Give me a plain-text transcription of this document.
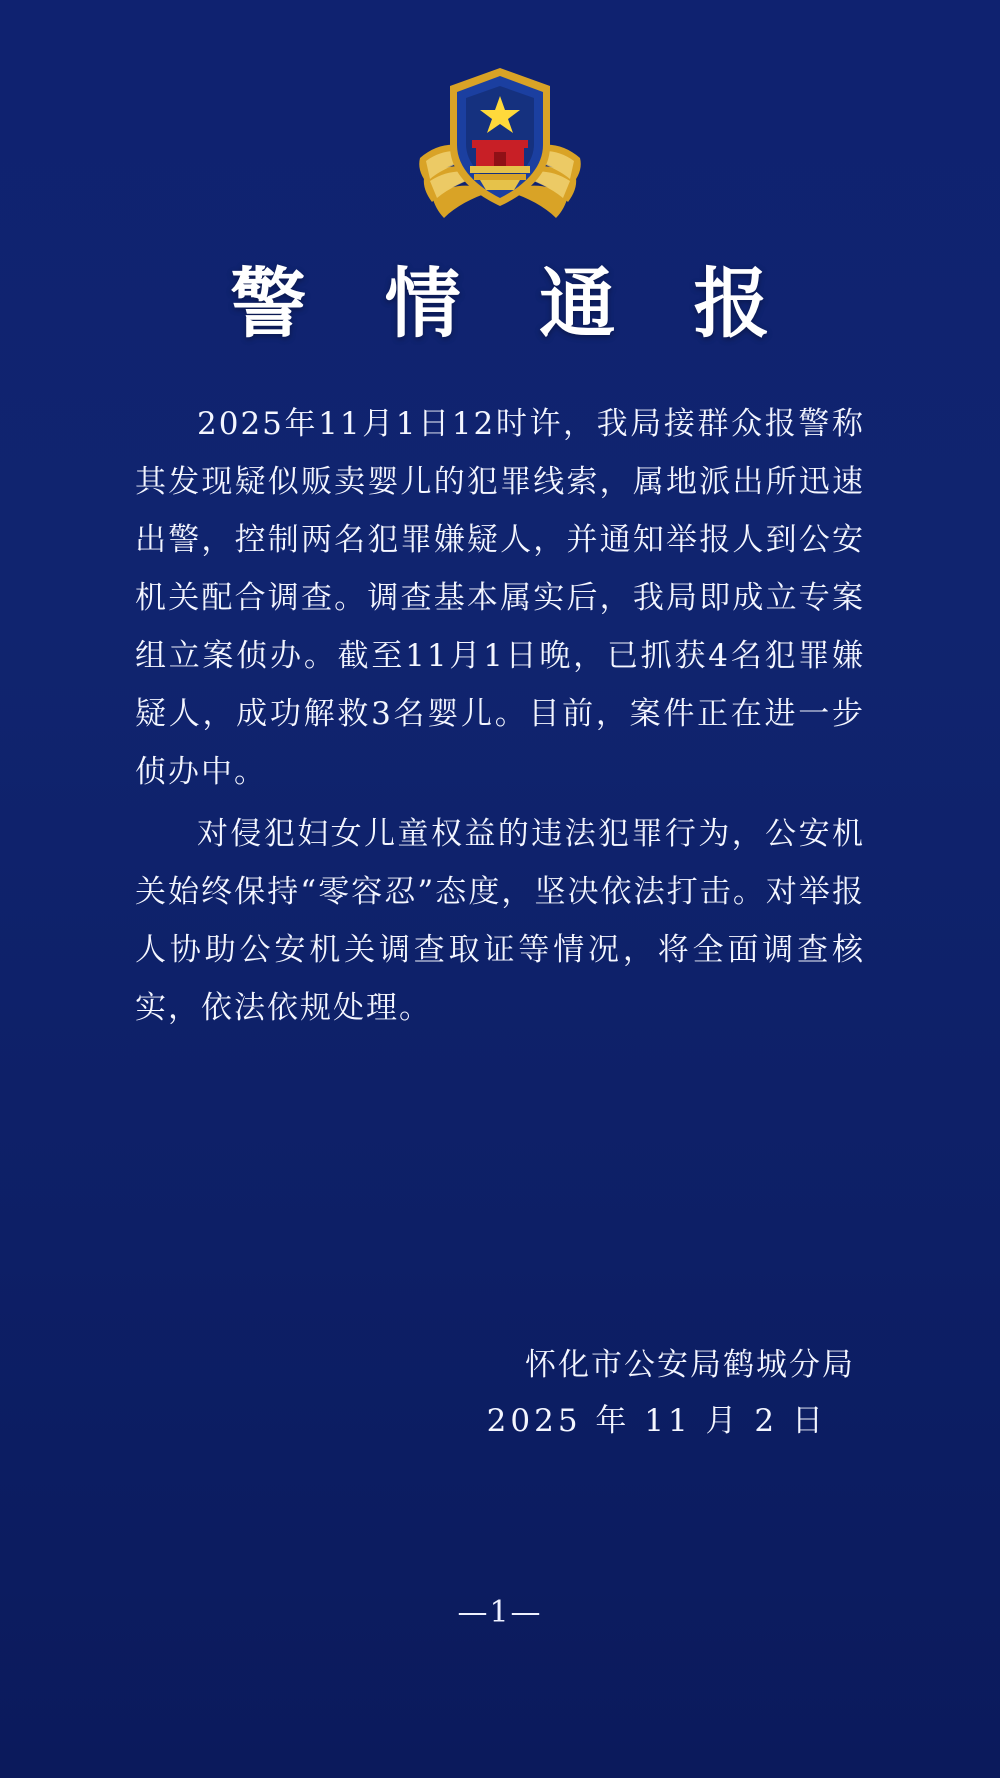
警 情 通 报

2025年11月1日12时许，我局接群众报警称其发现疑似贩卖婴儿的犯罪线索，属地派出所迅速出警，控制两名犯罪嫌疑人，并通知举报人到公安机关配合调查。调查基本属实后，我局即成立专案组立案侦办。截至11月1日晚，已抓获4名犯罪嫌疑人，成功解救3名婴儿。目前，案件正在进一步侦办中。

对侵犯妇女儿童权益的违法犯罪行为，公安机关始终保持“零容忍”态度，坚决依法打击。对举报人协助公安机关调查取证等情况，将全面调查核实，依法依规处理。

怀化市公安局鹤城分局
2025 年 11 月 2 日
—1—
